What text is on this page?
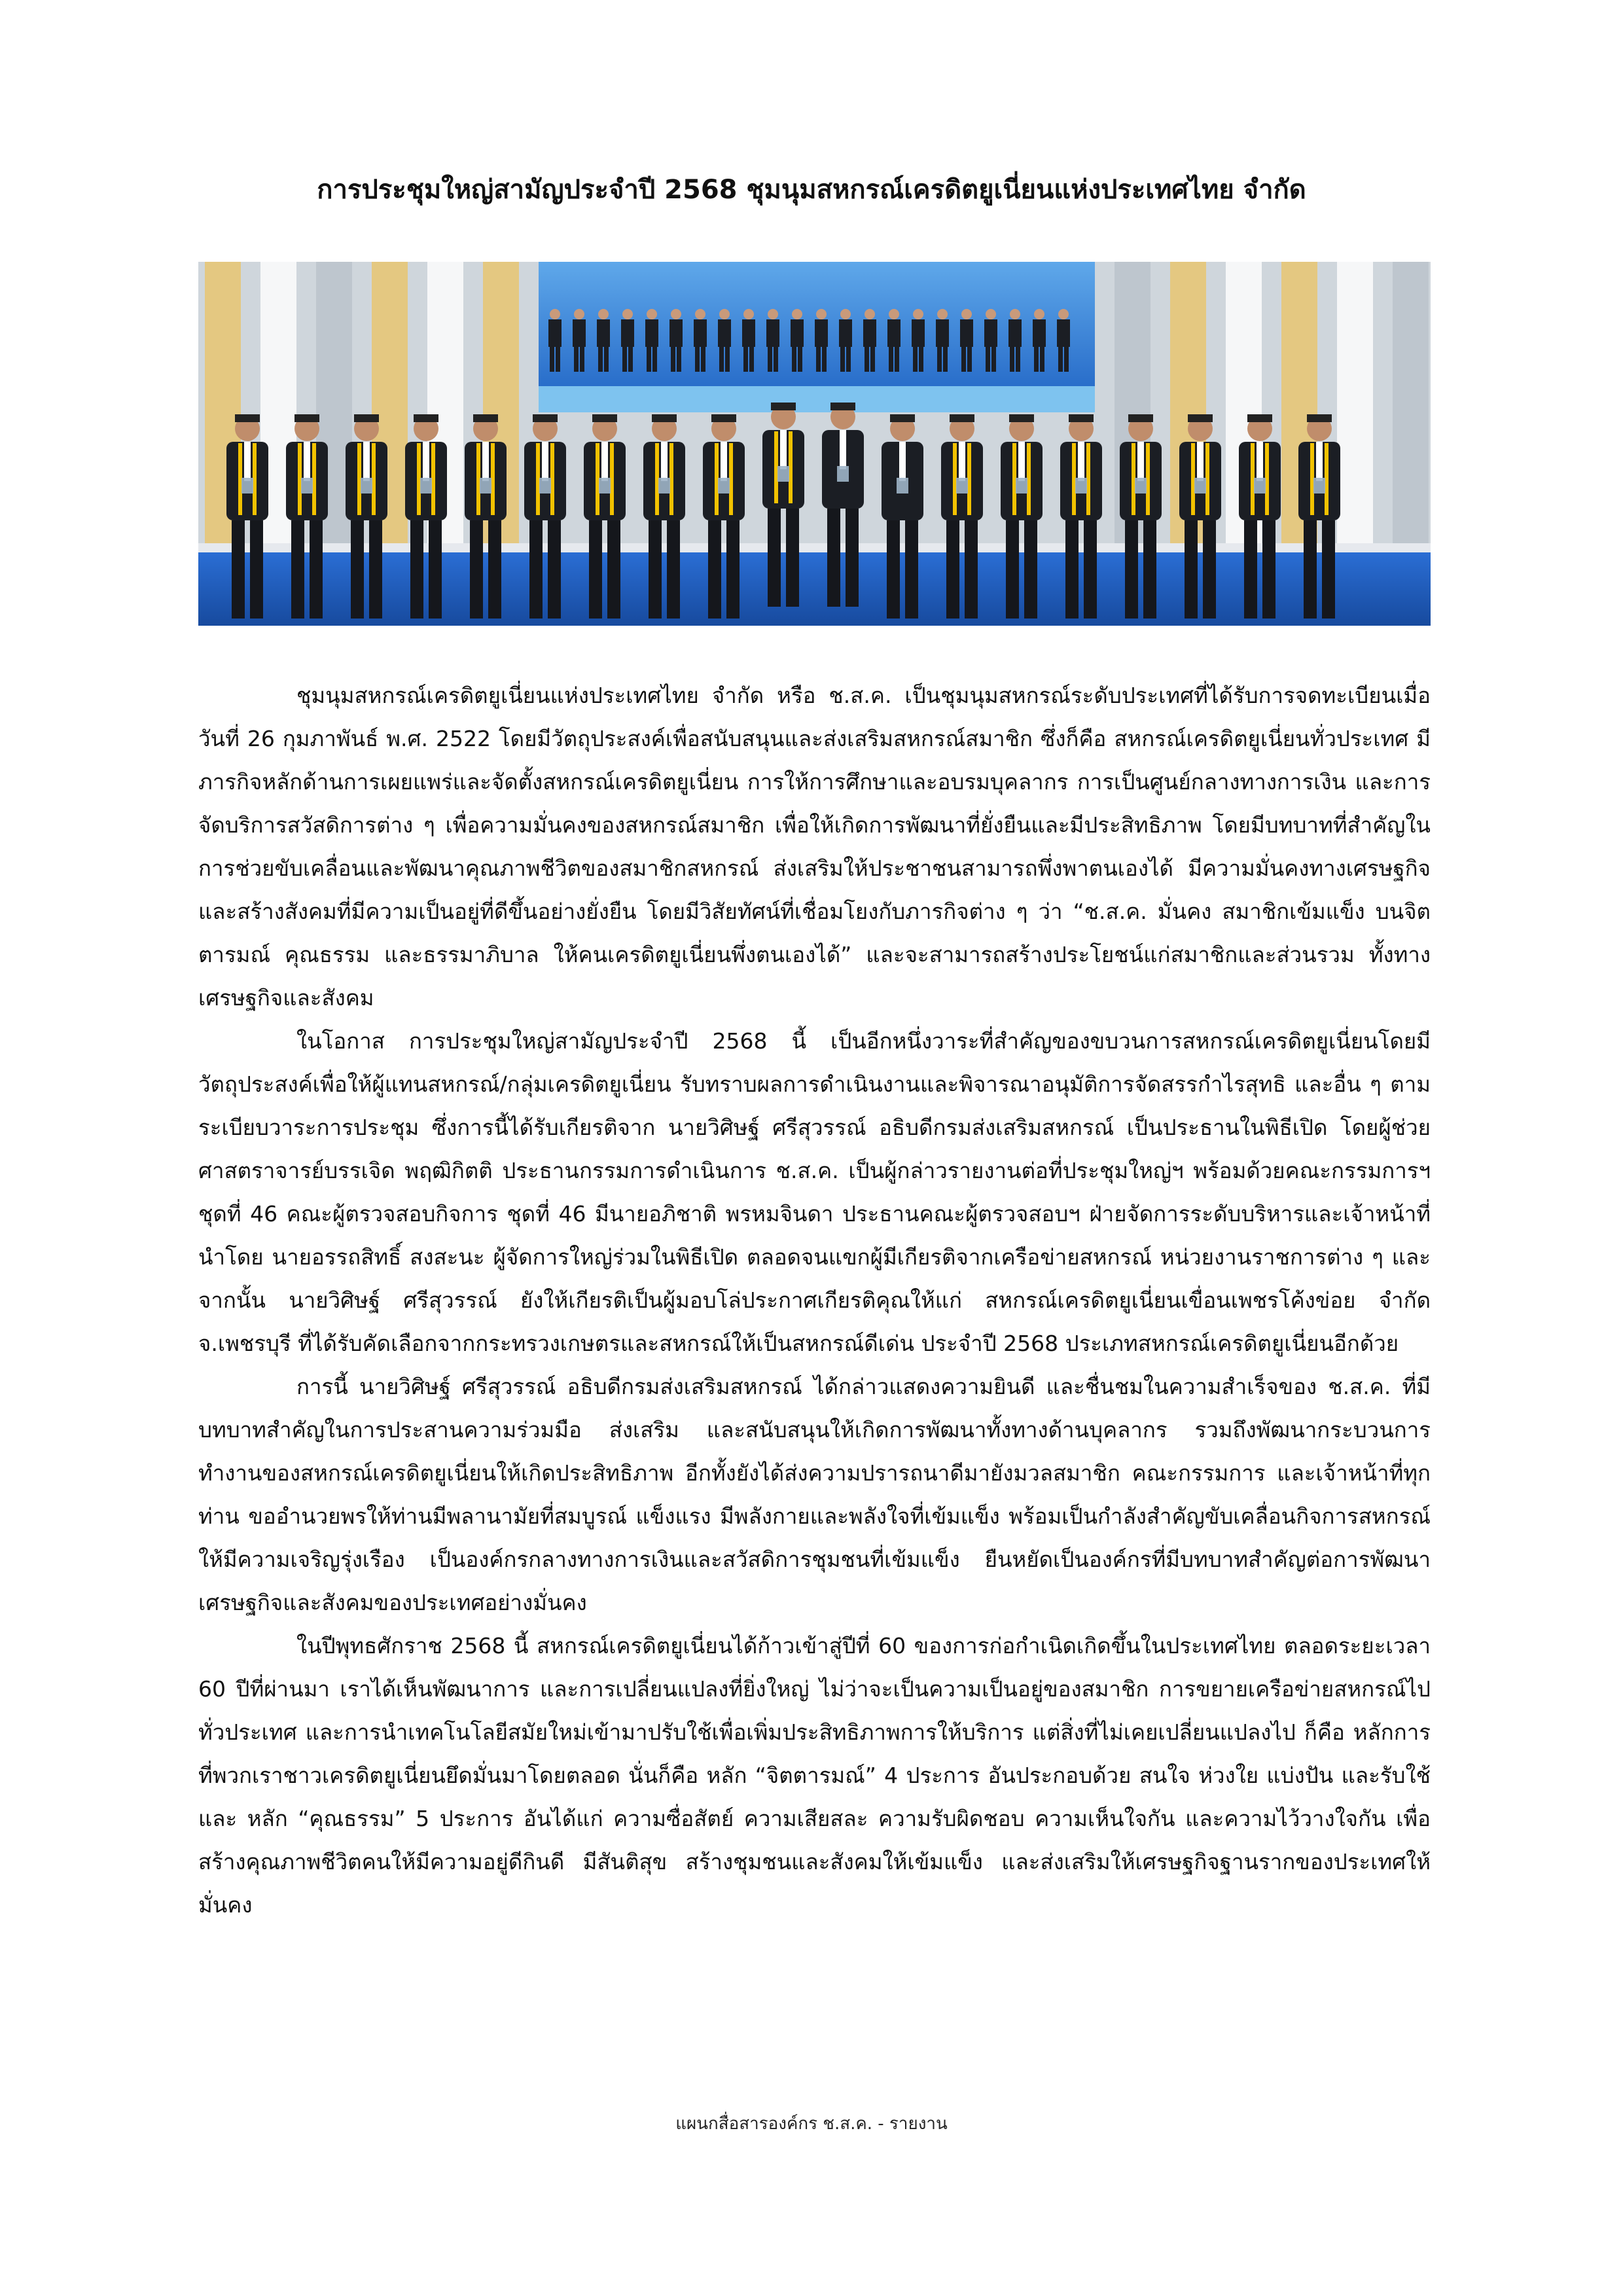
การประชุมใหญ่สามัญประจำปี 2568 ชุมนุมสหกรณ์เครดิตยูเนี่ยนแห่งประเทศไทย จำกัด

ชุมนุมสหกรณ์เครดิตยูเนี่ยนแห่งประเทศไทย จำกัด หรือ ช.ส.ค. เป็นชุมนุมสหกรณ์ระดับประเทศที่ได้รับการจดทะเบียนเมื่อวันที่ 26 กุมภาพันธ์ พ.ศ. 2522 โดยมีวัตถุประสงค์เพื่อสนับสนุนและส่งเสริมสหกรณ์สมาชิก ซึ่งก็คือ สหกรณ์เครดิตยูเนี่ยนทั่วประเทศ มีภารกิจหลักด้านการเผยแพร่และจัดตั้งสหกรณ์เครดิตยูเนี่ยน การให้การศึกษาและอบรมบุคลากร การเป็นศูนย์กลางทางการเงิน และการจัดบริการสวัสดิการต่าง ๆ เพื่อความมั่นคงของสหกรณ์สมาชิก เพื่อให้เกิดการพัฒนาที่ยั่งยืนและมีประสิทธิภาพ โดยมีบทบาทที่สำคัญในการช่วยขับเคลื่อนและพัฒนาคุณภาพชีวิตของสมาชิกสหกรณ์ ส่งเสริมให้ประชาชนสามารถพึ่งพาตนเองได้ มีความมั่นคงทางเศรษฐกิจ และสร้างสังคมที่มีความเป็นอยู่ที่ดีขึ้นอย่างยั่งยืน โดยมีวิสัยทัศน์ที่เชื่อมโยงกับภารกิจต่าง ๆ ว่า “ช.ส.ค. มั่นคง สมาชิกเข้มแข็ง บนจิตตารมณ์ คุณธรรม และธรรมาภิบาล ให้คนเครดิตยูเนี่ยนพึ่งตนเองได้” และจะสามารถสร้างประโยชน์แก่สมาชิกและส่วนรวม ทั้งทางเศรษฐกิจและสังคม

ในโอกาส การประชุมใหญ่สามัญประจำปี 2568 นี้ เป็นอีกหนึ่งวาระที่สำคัญของขบวนการสหกรณ์เครดิตยูเนี่ยนโดยมีวัตถุประสงค์เพื่อให้ผู้แทนสหกรณ์/กลุ่มเครดิตยูเนี่ยน รับทราบผลการดำเนินงานและพิจารณาอนุมัติการจัดสรรกำไรสุทธิ และอื่น ๆ ตามระเบียบวาระการประชุม ซึ่งการนี้ได้รับเกียรติจาก นายวิศิษฐ์ ศรีสุวรรณ์ อธิบดีกรมส่งเสริมสหกรณ์ เป็นประธานในพิธีเปิด โดยผู้ช่วยศาสตราจารย์บรรเจิด พฤฒิกิตติ ประธานกรรมการดำเนินการ ช.ส.ค. เป็นผู้กล่าวรายงานต่อที่ประชุมใหญ่ฯ พร้อมด้วยคณะกรรมการฯ ชุดที่ 46 คณะผู้ตรวจสอบกิจการ ชุดที่ 46 มีนายอภิชาติ พรหมจินดา ประธานคณะผู้ตรวจสอบฯ ฝ่ายจัดการระดับบริหารและเจ้าหน้าที่ นำโดย นายอรรถสิทธิ์ สงสะนะ ผู้จัดการใหญ่ร่วมในพิธีเปิด ตลอดจนแขกผู้มีเกียรติจากเครือข่ายสหกรณ์ หน่วยงานราชการต่าง ๆ และจากนั้น นายวิศิษฐ์ ศรีสุวรรณ์ ยังให้เกียรติเป็นผู้มอบโล่ประกาศเกียรติคุณให้แก่ สหกรณ์เครดิตยูเนี่ยนเขื่อนเพชรโค้งข่อย จำกัด จ.เพชรบุรี ที่ได้รับคัดเลือกจากกระทรวงเกษตรและสหกรณ์ให้เป็นสหกรณ์ดีเด่น ประจำปี 2568 ประเภทสหกรณ์เครดิตยูเนี่ยนอีกด้วย

การนี้ นายวิศิษฐ์ ศรีสุวรรณ์ อธิบดีกรมส่งเสริมสหกรณ์ ได้กล่าวแสดงความยินดี และชื่นชมในความสำเร็จของ ช.ส.ค. ที่มีบทบาทสำคัญในการประสานความร่วมมือ ส่งเสริม และสนับสนุนให้เกิดการพัฒนาทั้งทางด้านบุคลากร รวมถึงพัฒนากระบวนการทำงานของสหกรณ์เครดิตยูเนี่ยนให้เกิดประสิทธิภาพ อีกทั้งยังได้ส่งความปรารถนาดีมายังมวลสมาชิก คณะกรรมการ และเจ้าหน้าที่ทุกท่าน ขออำนวยพรให้ท่านมีพลานามัยที่สมบูรณ์ แข็งแรง มีพลังกายและพลังใจที่เข้มแข็ง พร้อมเป็นกำลังสำคัญขับเคลื่อนกิจการสหกรณ์ให้มีความเจริญรุ่งเรือง เป็นองค์กรกลางทางการเงินและสวัสดิการชุมชนที่เข้มแข็ง ยืนหยัดเป็นองค์กรที่มีบทบาทสำคัญต่อการพัฒนาเศรษฐกิจและสังคมของประเทศอย่างมั่นคง

ในปีพุทธศักราช 2568 นี้ สหกรณ์เครดิตยูเนี่ยนได้ก้าวเข้าสู่ปีที่ 60 ของการก่อกำเนิดเกิดขึ้นในประเทศไทย ตลอดระยะเวลา 60 ปีที่ผ่านมา เราได้เห็นพัฒนาการ และการเปลี่ยนแปลงที่ยิ่งใหญ่ ไม่ว่าจะเป็นความเป็นอยู่ของสมาชิก การขยายเครือข่ายสหกรณ์ไปทั่วประเทศ และการนำเทคโนโลยีสมัยใหม่เข้ามาปรับใช้เพื่อเพิ่มประสิทธิภาพการให้บริการ แต่สิ่งที่ไม่เคยเปลี่ยนแปลงไป ก็คือ หลักการที่พวกเราชาวเครดิตยูเนี่ยนยึดมั่นมาโดยตลอด นั่นก็คือ หลัก “จิตตารมณ์” 4 ประการ อันประกอบด้วย สนใจ ห่วงใย แบ่งปัน และรับใช้ และ หลัก “คุณธรรม” 5 ประการ อันได้แก่ ความซื่อสัตย์ ความเสียสละ ความรับผิดชอบ ความเห็นใจกัน และความไว้วางใจกัน เพื่อสร้างคุณภาพชีวิตคนให้มีความอยู่ดีกินดี มีสันติสุข สร้างชุมชนและสังคมให้เข้มแข็ง และส่งเสริมให้เศรษฐกิจฐานรากของประเทศให้มั่นคง

แผนกสื่อสารองค์กร ช.ส.ค. - รายงาน
